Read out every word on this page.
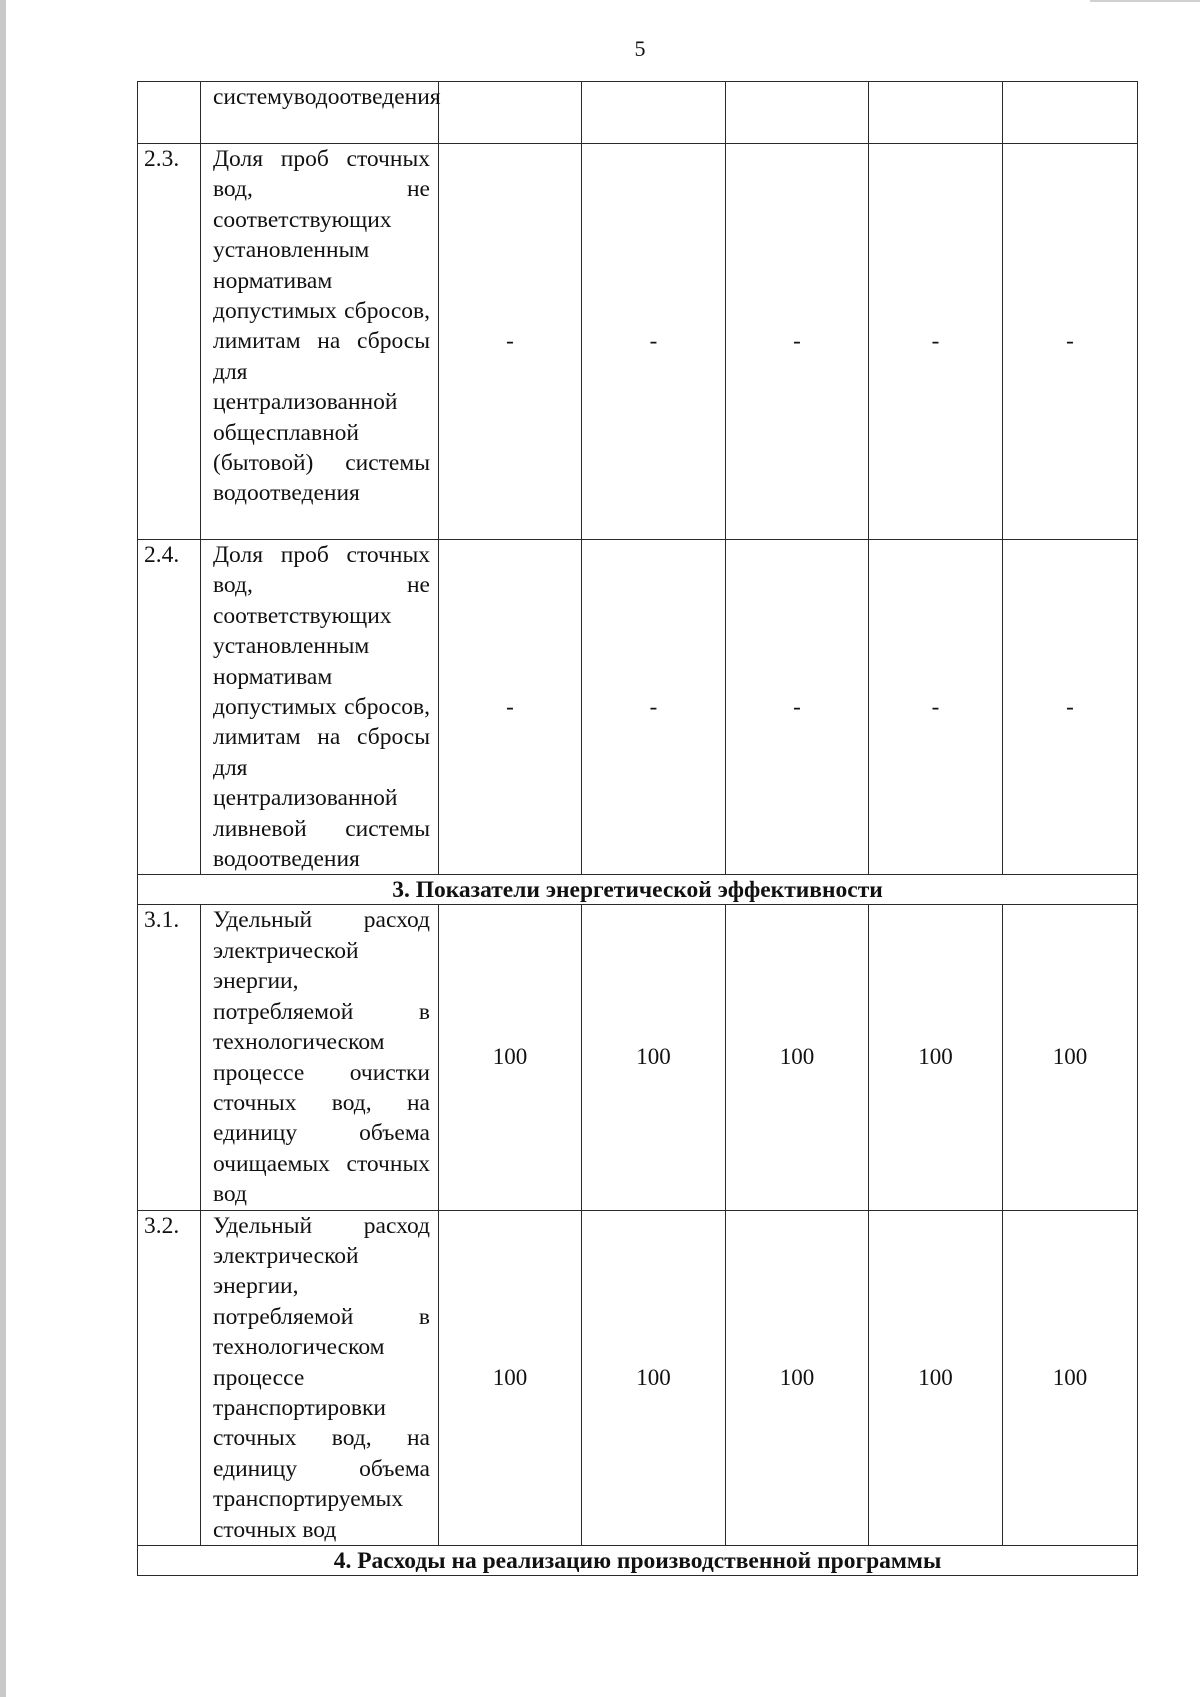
5

	системуводоотведения					

2.3.	Доля проб сточных вод, не соответствующих установленным нормативам допустимых сбросов, лимитам на сбросы для централизованной общесплавной (бытовой) системы водоотведения	-	-	-	-	-
2.4.	Доля проб сточных вод, не соответствующих установленным нормативам допустимых сбросов, лимитам на сбросы для централизованной ливневой системы водоотведения	-	-	-	-	-
3. Показатели энергетической эффективности						
3.1.	Удельный расход электрической энергии, потребляемой в технологическом процессе очистки сточных вод, на единицу объема очищаемых сточных вод	100	100	100	100	100
3.2.	Удельный расход электрической энергии, потребляемой в технологическом процессе транспортировки сточных вод, на единицу объема транспортируемых сточных вод	100	100	100	100	100
4. Расходы на реализацию производственной программы						
